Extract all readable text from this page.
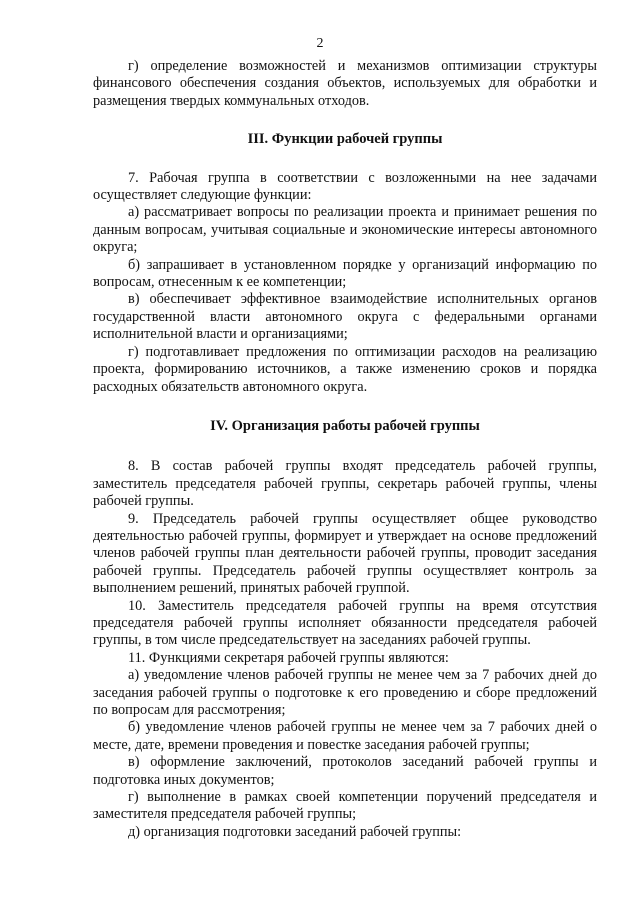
2

г) определение возможностей и механизмов оптимизации структуры финансового обеспечения создания объектов, используемых для обработки и размещения твердых коммунальных отходов.

III. Функции рабочей группы

7. Рабочая группа в соответствии с возложенными на нее задачами осуществляет следующие функции:

а) рассматривает вопросы по реализации проекта и принимает решения по данным вопросам, учитывая социальные и экономические интересы автономного округа;

б) запрашивает в установленном порядке у организаций информацию по вопросам, отнесенным к ее компетенции;

в) обеспечивает эффективное взаимодействие исполнительных органов государственной власти автономного округа с федеральными органами исполнительной власти и организациями;

г) подготавливает предложения по оптимизации расходов на реализацию проекта, формированию источников, а также изменению сроков и порядка расходных обязательств автономного округа.

IV. Организация работы рабочей группы

8. В состав рабочей группы входят председатель рабочей группы, заместитель председателя рабочей группы, секретарь рабочей группы, члены рабочей группы.

9. Председатель рабочей группы осуществляет общее руководство деятельностью рабочей группы, формирует и утверждает на основе предложений членов рабочей группы план деятельности рабочей группы, проводит заседания рабочей группы. Председатель рабочей группы осуществляет контроль за выполнением решений, принятых рабочей группой.

10. Заместитель председателя рабочей группы на время отсутствия председателя рабочей группы исполняет обязанности председателя рабочей группы, в том числе председательствует на заседаниях рабочей группы.

11. Функциями секретаря рабочей группы являются:

а) уведомление членов рабочей группы не менее чем за 7 рабочих дней до заседания рабочей группы о подготовке к его проведению и сборе предложений по вопросам для рассмотрения;

б) уведомление членов рабочей группы не менее чем за 7 рабочих дней о месте, дате, времени проведения и повестке заседания рабочей группы;

в) оформление заключений, протоколов заседаний рабочей группы и подготовка иных документов;

г) выполнение в рамках своей компетенции поручений председателя и заместителя председателя рабочей группы;

д) организация подготовки заседаний рабочей группы:
